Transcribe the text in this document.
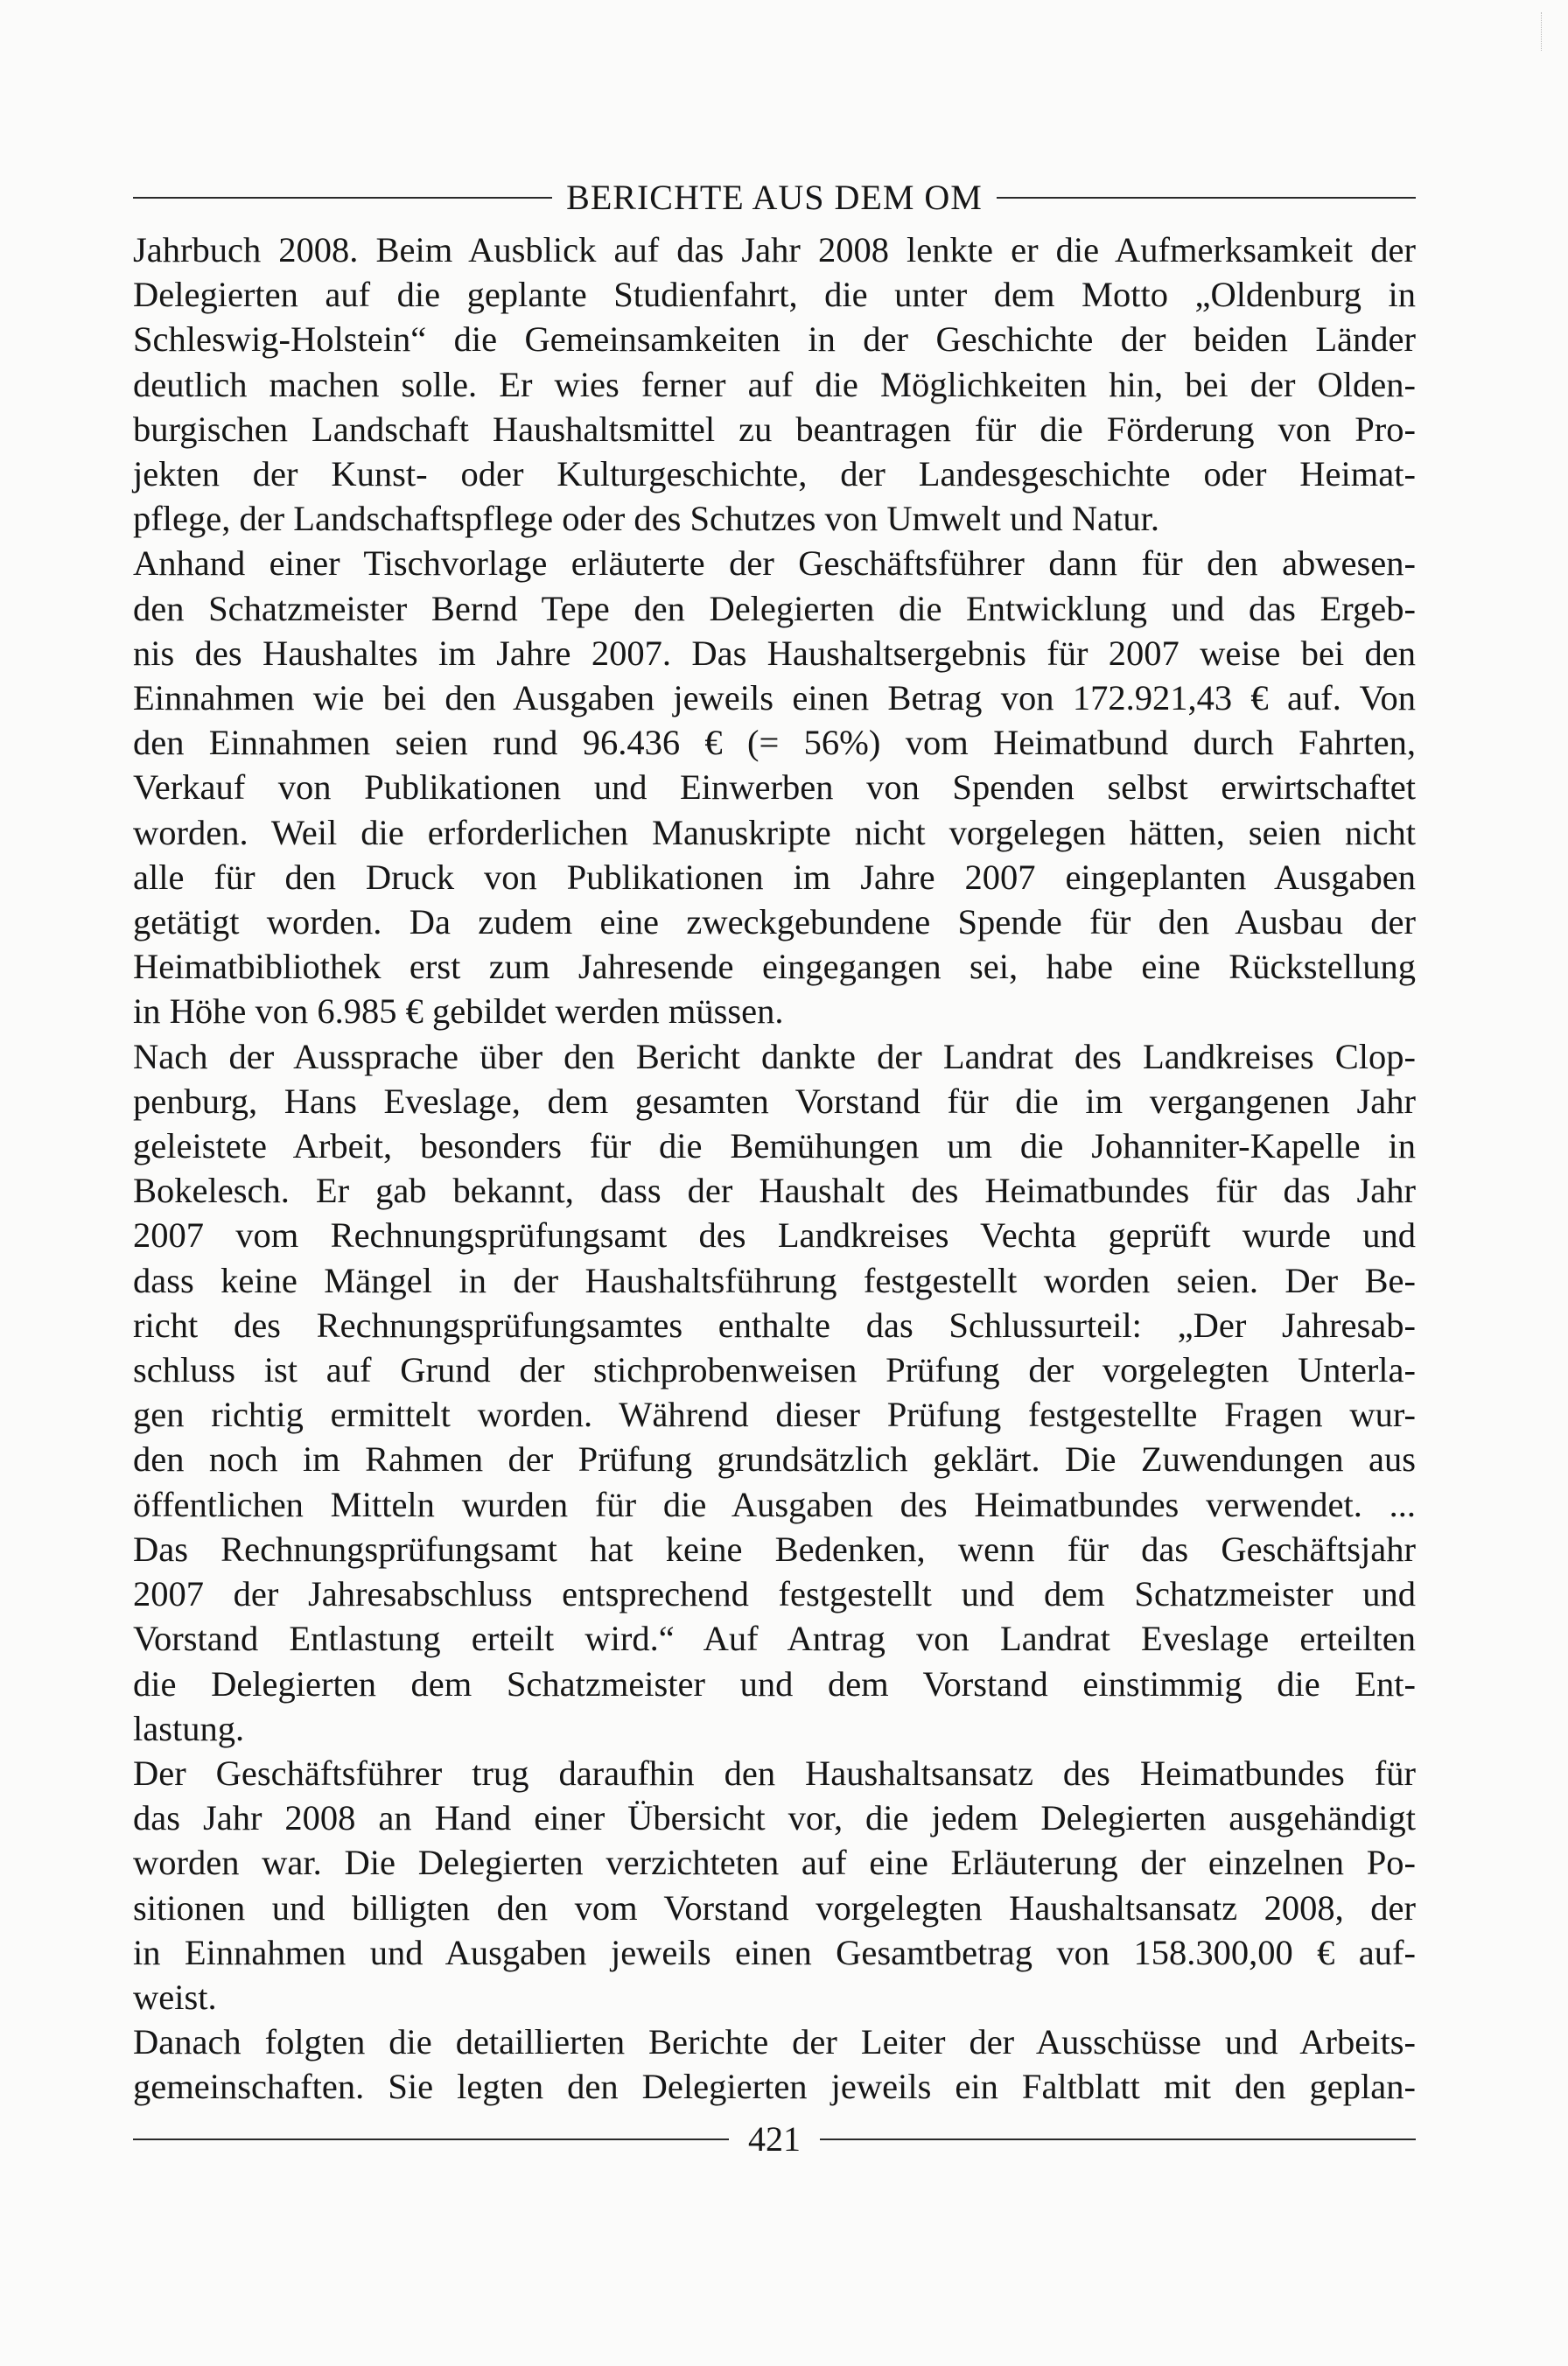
BERICHTE AUS DEM OM

Jahrbuch 2008. Beim Ausblick auf das Jahr 2008 lenkte er die Aufmerksamkeit der

Delegierten auf die geplante Studienfahrt, die unter dem Motto „Oldenburg in

Schleswig-Holstein“ die Gemeinsamkeiten in der Geschichte der beiden Länder

deutlich machen solle. Er wies ferner auf die Möglichkeiten hin, bei der Olden-

burgischen Landschaft Haushaltsmittel zu beantragen für die Förderung von Pro-

jekten der Kunst- oder Kulturgeschichte, der Landesgeschichte oder Heimat-

pflege, der Landschaftspflege oder des Schutzes von Umwelt und Natur.

Anhand einer Tischvorlage erläuterte der Geschäftsführer dann für den abwesen-

den Schatzmeister Bernd Tepe den Delegierten die Entwicklung und das Ergeb-

nis des Haushaltes im Jahre 2007. Das Haushaltsergebnis für 2007 weise bei den

Einnahmen wie bei den Ausgaben jeweils einen Betrag von 172.921,43 € auf. Von

den Einnahmen seien rund 96.436 € (= 56%) vom Heimatbund durch Fahrten,

Verkauf von Publikationen und Einwerben von Spenden selbst erwirtschaftet

worden. Weil die erforderlichen Manuskripte nicht vorgelegen hätten, seien nicht

alle für den Druck von Publikationen im Jahre 2007 eingeplanten Ausgaben

getätigt worden. Da zudem eine zweckgebundene Spende für den Ausbau der

Heimatbibliothek erst zum Jahresende eingegangen sei, habe eine Rückstellung

in Höhe von 6.985 € gebildet werden müssen.

Nach der Aussprache über den Bericht dankte der Landrat des Landkreises Clop-

penburg, Hans Eveslage, dem gesamten Vorstand für die im vergangenen Jahr

geleistete Arbeit, besonders für die Bemühungen um die Johanniter-Kapelle in

Bokelesch. Er gab bekannt, dass der Haushalt des Heimatbundes für das Jahr

2007 vom Rechnungsprüfungsamt des Landkreises Vechta geprüft wurde und

dass keine Mängel in der Haushaltsführung festgestellt worden seien. Der Be-

richt des Rechnungsprüfungsamtes enthalte das Schlussurteil: „Der Jahresab-

schluss ist auf Grund der stichprobenweisen Prüfung der vorgelegten Unterla-

gen richtig ermittelt worden. Während dieser Prüfung festgestellte Fragen wur-

den noch im Rahmen der Prüfung grundsätzlich geklärt. Die Zuwendungen aus

öffentlichen Mitteln wurden für die Ausgaben des Heimatbundes verwendet. ...

Das Rechnungsprüfungsamt hat keine Bedenken, wenn für das Geschäftsjahr

2007 der Jahresabschluss entsprechend festgestellt und dem Schatzmeister und

Vorstand Entlastung erteilt wird.“ Auf Antrag von Landrat Eveslage erteilten

die Delegierten dem Schatzmeister und dem Vorstand einstimmig die Ent-

lastung.

Der Geschäftsführer trug daraufhin den Haushaltsansatz des Heimatbundes für

das Jahr 2008 an Hand einer Übersicht vor, die jedem Delegierten ausgehändigt

worden war. Die Delegierten verzichteten auf eine Erläuterung der einzelnen Po-

sitionen und billigten den vom Vorstand vorgelegten Haushaltsansatz 2008, der

in Einnahmen und Ausgaben jeweils einen Gesamtbetrag von 158.300,00 € auf-

weist.

Danach folgten die detaillierten Berichte der Leiter der Ausschüsse und Arbeits-

gemeinschaften. Sie legten den Delegierten jeweils ein Faltblatt mit den geplan-

421
